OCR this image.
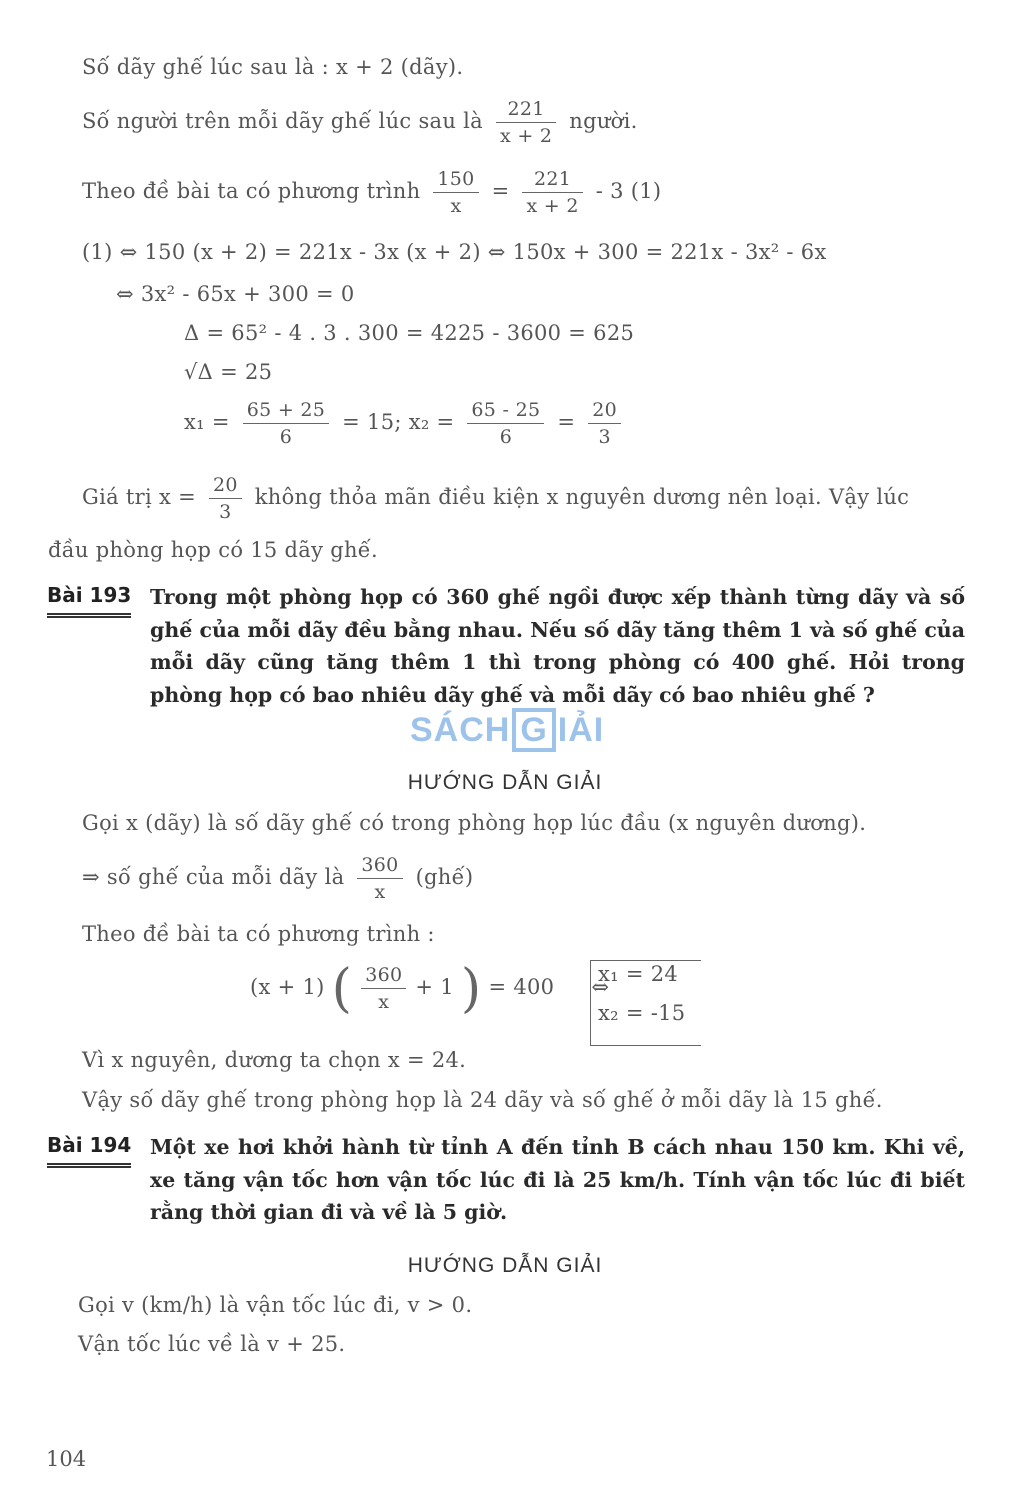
Số dãy ghế lúc sau là : x + 2 (dãy).
Số người trên mỗi dãy ghế lúc sau là $\frac{221}{x + 2}$ người.
Theo đề bài ta có phương trình $\frac{150}{x} = \frac{221}{x + 2} - 3$ (1)
(1) ⇔ 150 (x + 2) = 221x - 3x (x + 2) ⇔ 150x + 300 = 221x - 3x² - 6x
⇔ 3x² - 65x + 300 = 0
Δ = 65² - 4 . 3 . 300 = 4225 - 3600 = 625
√Δ = 25
$x_1 = \frac{65 + 25}{6} = 15$; $x_2 = \frac{65 - 25}{6} = \frac{20}{3}$
Giá trị $x = \frac{20}{3}$ không thỏa mãn điều kiện x nguyên dương nên loại. Vậy lúc
đầu phòng họp có 15 dãy ghế.
Bài 193 Trong một phòng họp có 360 ghế ngồi được xếp thành từng dãy và số ghế của mỗi dãy đều bằng nhau. Nếu số dãy tăng thêm 1 và số ghế của mỗi dãy cũng tăng thêm 1 thì trong phòng có 400 ghế. Hỏi trong phòng họp có bao nhiêu dãy ghế và mỗi dãy có bao nhiêu ghế ?
SÁCH G IẢI
HƯỚNG DẪN GIẢI
Gọi x (dãy) là số dãy ghế có trong phòng họp lúc đầu (x nguyên dương).
⇒ số ghế của mỗi dãy là $\frac{360}{x}$ (ghế)
Theo đề bài ta có phương trình :
(x + 1) ( $\frac{360}{x} + 1$ ) = 400 ⇔
x₁ = 24
x₂ = -15
Vì x nguyên, dương ta chọn x = 24.
Vậy số dãy ghế trong phòng họp là 24 dãy và số ghế ở mỗi dãy là 15 ghế.
Bài 194 Một xe hơi khởi hành từ tỉnh A đến tỉnh B cách nhau 150 km. Khi về, xe tăng vận tốc hơn vận tốc lúc đi là 25 km/h. Tính vận tốc lúc đi biết rằng thời gian đi và về là 5 giờ.
HƯỚNG DẪN GIẢI
Gọi v (km/h) là vận tốc lúc đi, v > 0.
Vận tốc lúc về là v + 25.
104
